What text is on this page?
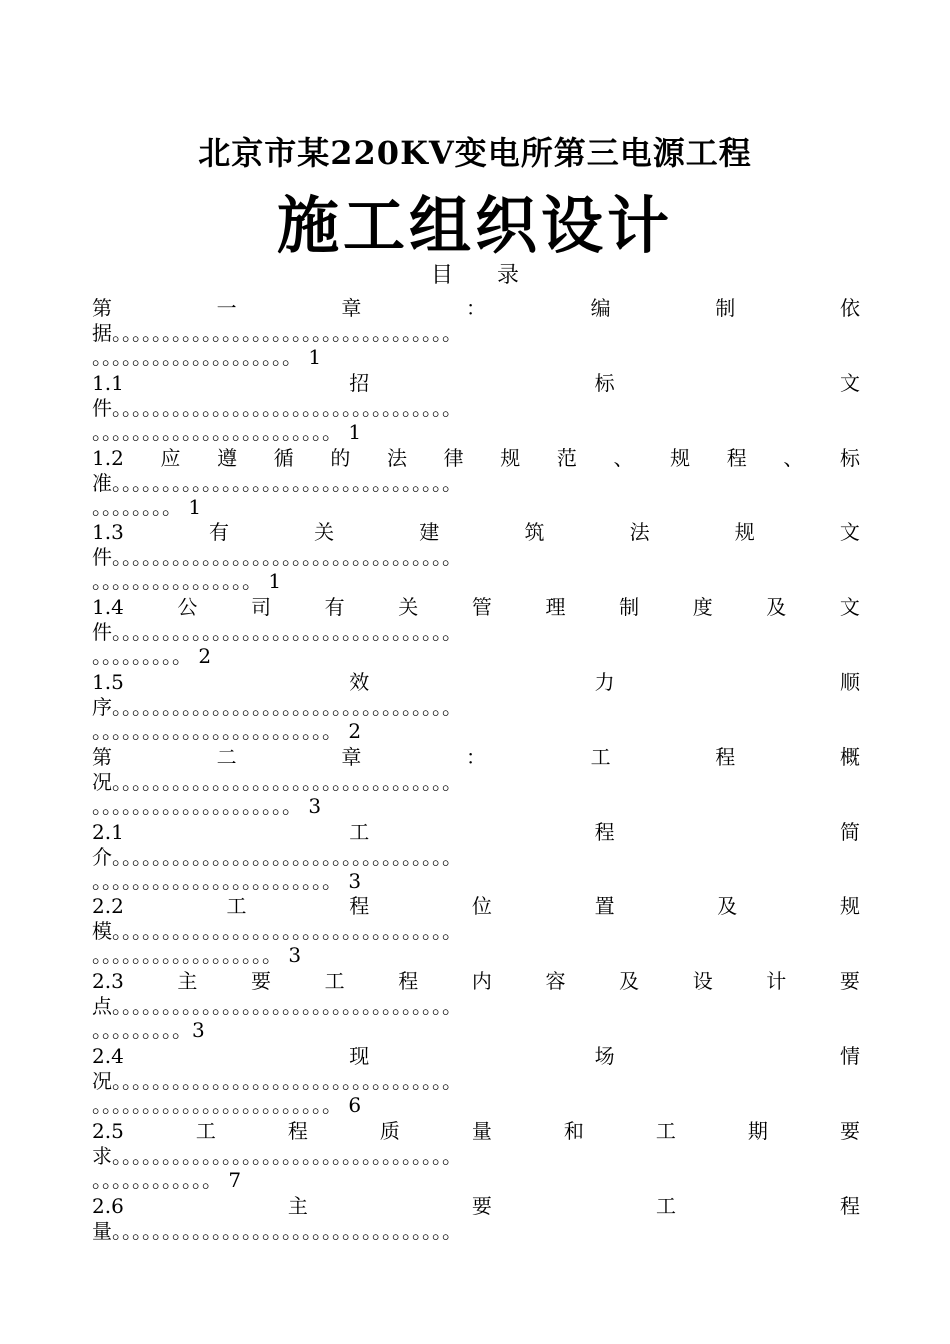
北京市某220KV变电所第三电源工程
施工组织设计
目 录
第	一	章	：	编	制	依
据。。。。。。。。。。。。。。。。。。。。。。。。。。。。。。。。。。
。。。。。。。。。。。。。。。。。。。。 1
1.1	招	标	文
件。。。。。。。。。。。。。。。。。。。。。。。。。。。。。。。。。。
。。。。。。。。。。。。。。。。。。。。。。。。 1
1.2 应 遵 循 的 法 律 规 范 、 规 程 、 标
准。。。。。。。。。。。。。。。。。。。。。。。。。。。。。。。。。。
。。。。。。。。 1
1.3	有	关	建	筑	法	规	文
件。。。。。。。。。。。。。。。。。。。。。。。。。。。。。。。。。。
。。。。。。。。。。。。。。。。 1
1.4	公	司	有	关	管	理	制	度	及	文
件。。。。。。。。。。。。。。。。。。。。。。。。。。。。。。。。。。
。。。。。。。。。 2
1.5	效	力	顺
序。。。。。。。。。。。。。。。。。。。。。。。。。。。。。。。。。。
。。。。。。。。。。。。。。。。。。。。。。。。 2
第	二	章	：	工	程	概
况。。。。。。。。。。。。。。。。。。。。。。。。。。。。。。。。。。
。。。。。。。。。。。。。。。。。。。。 3
2.1	工	程	简
介。。。。。。。。。。。。。。。。。。。。。。。。。。。。。。。。。。
。。。。。。。。。。。。。。。。。。。。。。。。 3
2.2	工	程	位	置	及	规
模。。。。。。。。。。。。。。。。。。。。。。。。。。。。。。。。。。
。。。。。。。。。。。。。。。。。。 3
2.3	主	要	工	程	内	容	及	设	计	要
点。。。。。。。。。。。。。。。。。。。。。。。。。。。。。。。。。。
。。。。。。。。。3
2.4	现	场	情
况。。。。。。。。。。。。。。。。。。。。。。。。。。。。。。。。。。
。。。。。。。。。。。。。。。。。。。。。。。。 6
2.5	工	程	质	量	和	工	期	要
求。。。。。。。。。。。。。。。。。。。。。。。。。。。。。。。。。。
。。。。。。。。。。。。 7
2.6	主	要	工	程
量。。。。。。。。。。。。。。。。。。。。。。。。。。。。。。。。。。
